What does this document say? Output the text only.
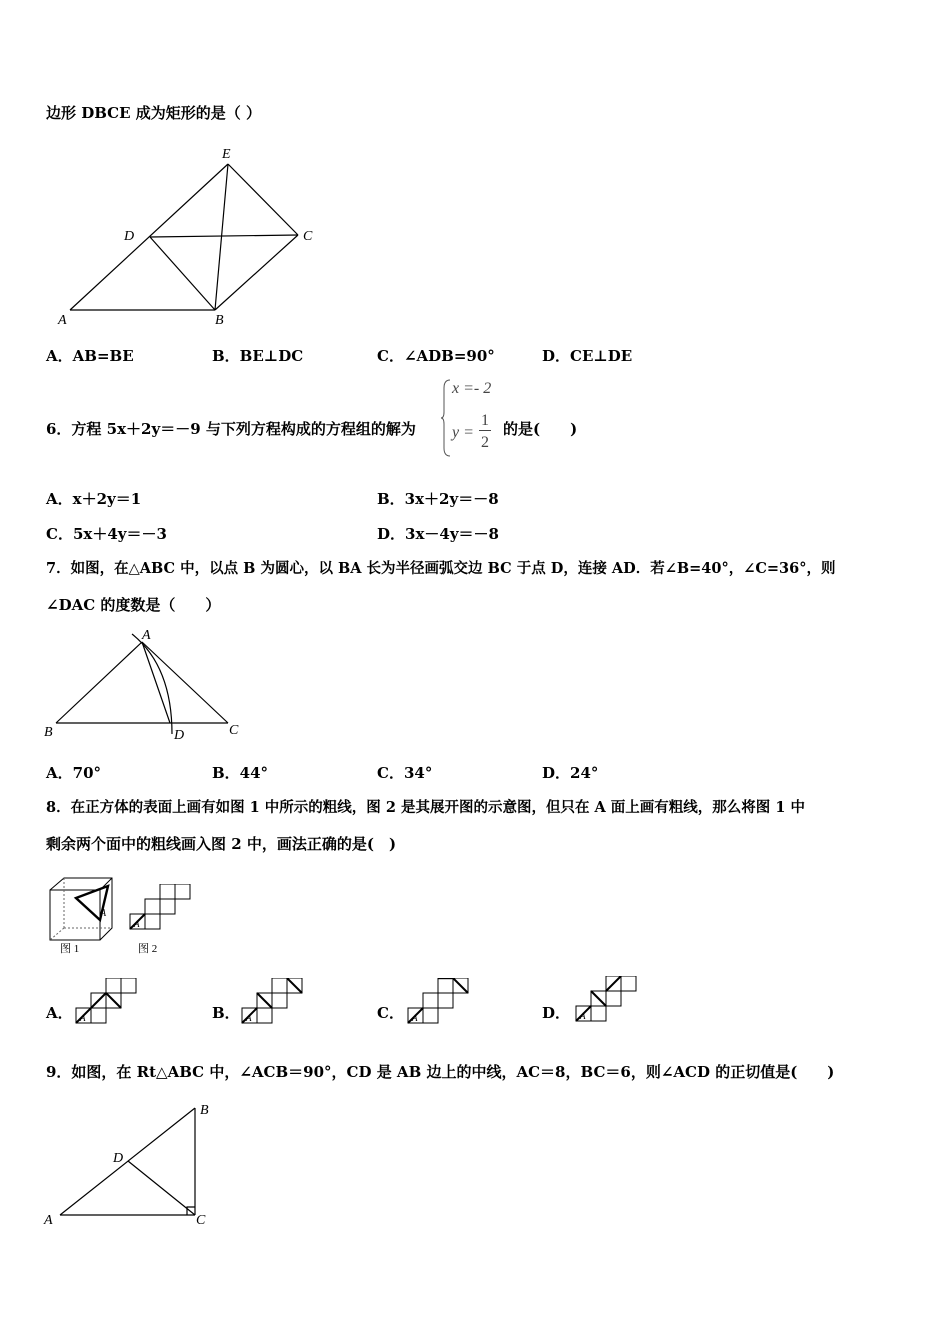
边形 DBCE 成为矩形的是（ ）
E
D	C
A	B
A．AB=BE	B．BE⊥DC	C．∠ADB=90°	D．CE⊥DE
6．方程 5x＋2y＝－9 与下列方程构成的方程组的解为
x =- 2
y =
1
2
的是(　　)
A．x＋2y＝1	B．3x＋2y＝－8
C．5x＋4y＝－3	D．3x－4y＝－8
7．如图，在△ABC 中，以点 B 为圆心，以 BA 长为半径画弧交边 BC 于点 D，连接 AD．若∠B=40°，∠C=36°，则
∠DAC 的度数是（　　）
A
B	C
D
A．70°	B．44°	C．34°	D．24°
8．在正方体的表面上画有如图 1 中所示的粗线，图 2 是其展开图的示意图，但只在 A 面上画有粗线，那么将图 1 中
剩余两个面中的粗线画入图 2 中，画法正确的是(　)
A
图 1
A
图 2
A． A	B． A	C． A	D． A
9．如图，在 Rt△ABC 中，∠ACB＝90°，CD 是 AB 边上的中线，AC＝8，BC＝6，则∠ACD 的正切值是(　　)
B
D
A	C
